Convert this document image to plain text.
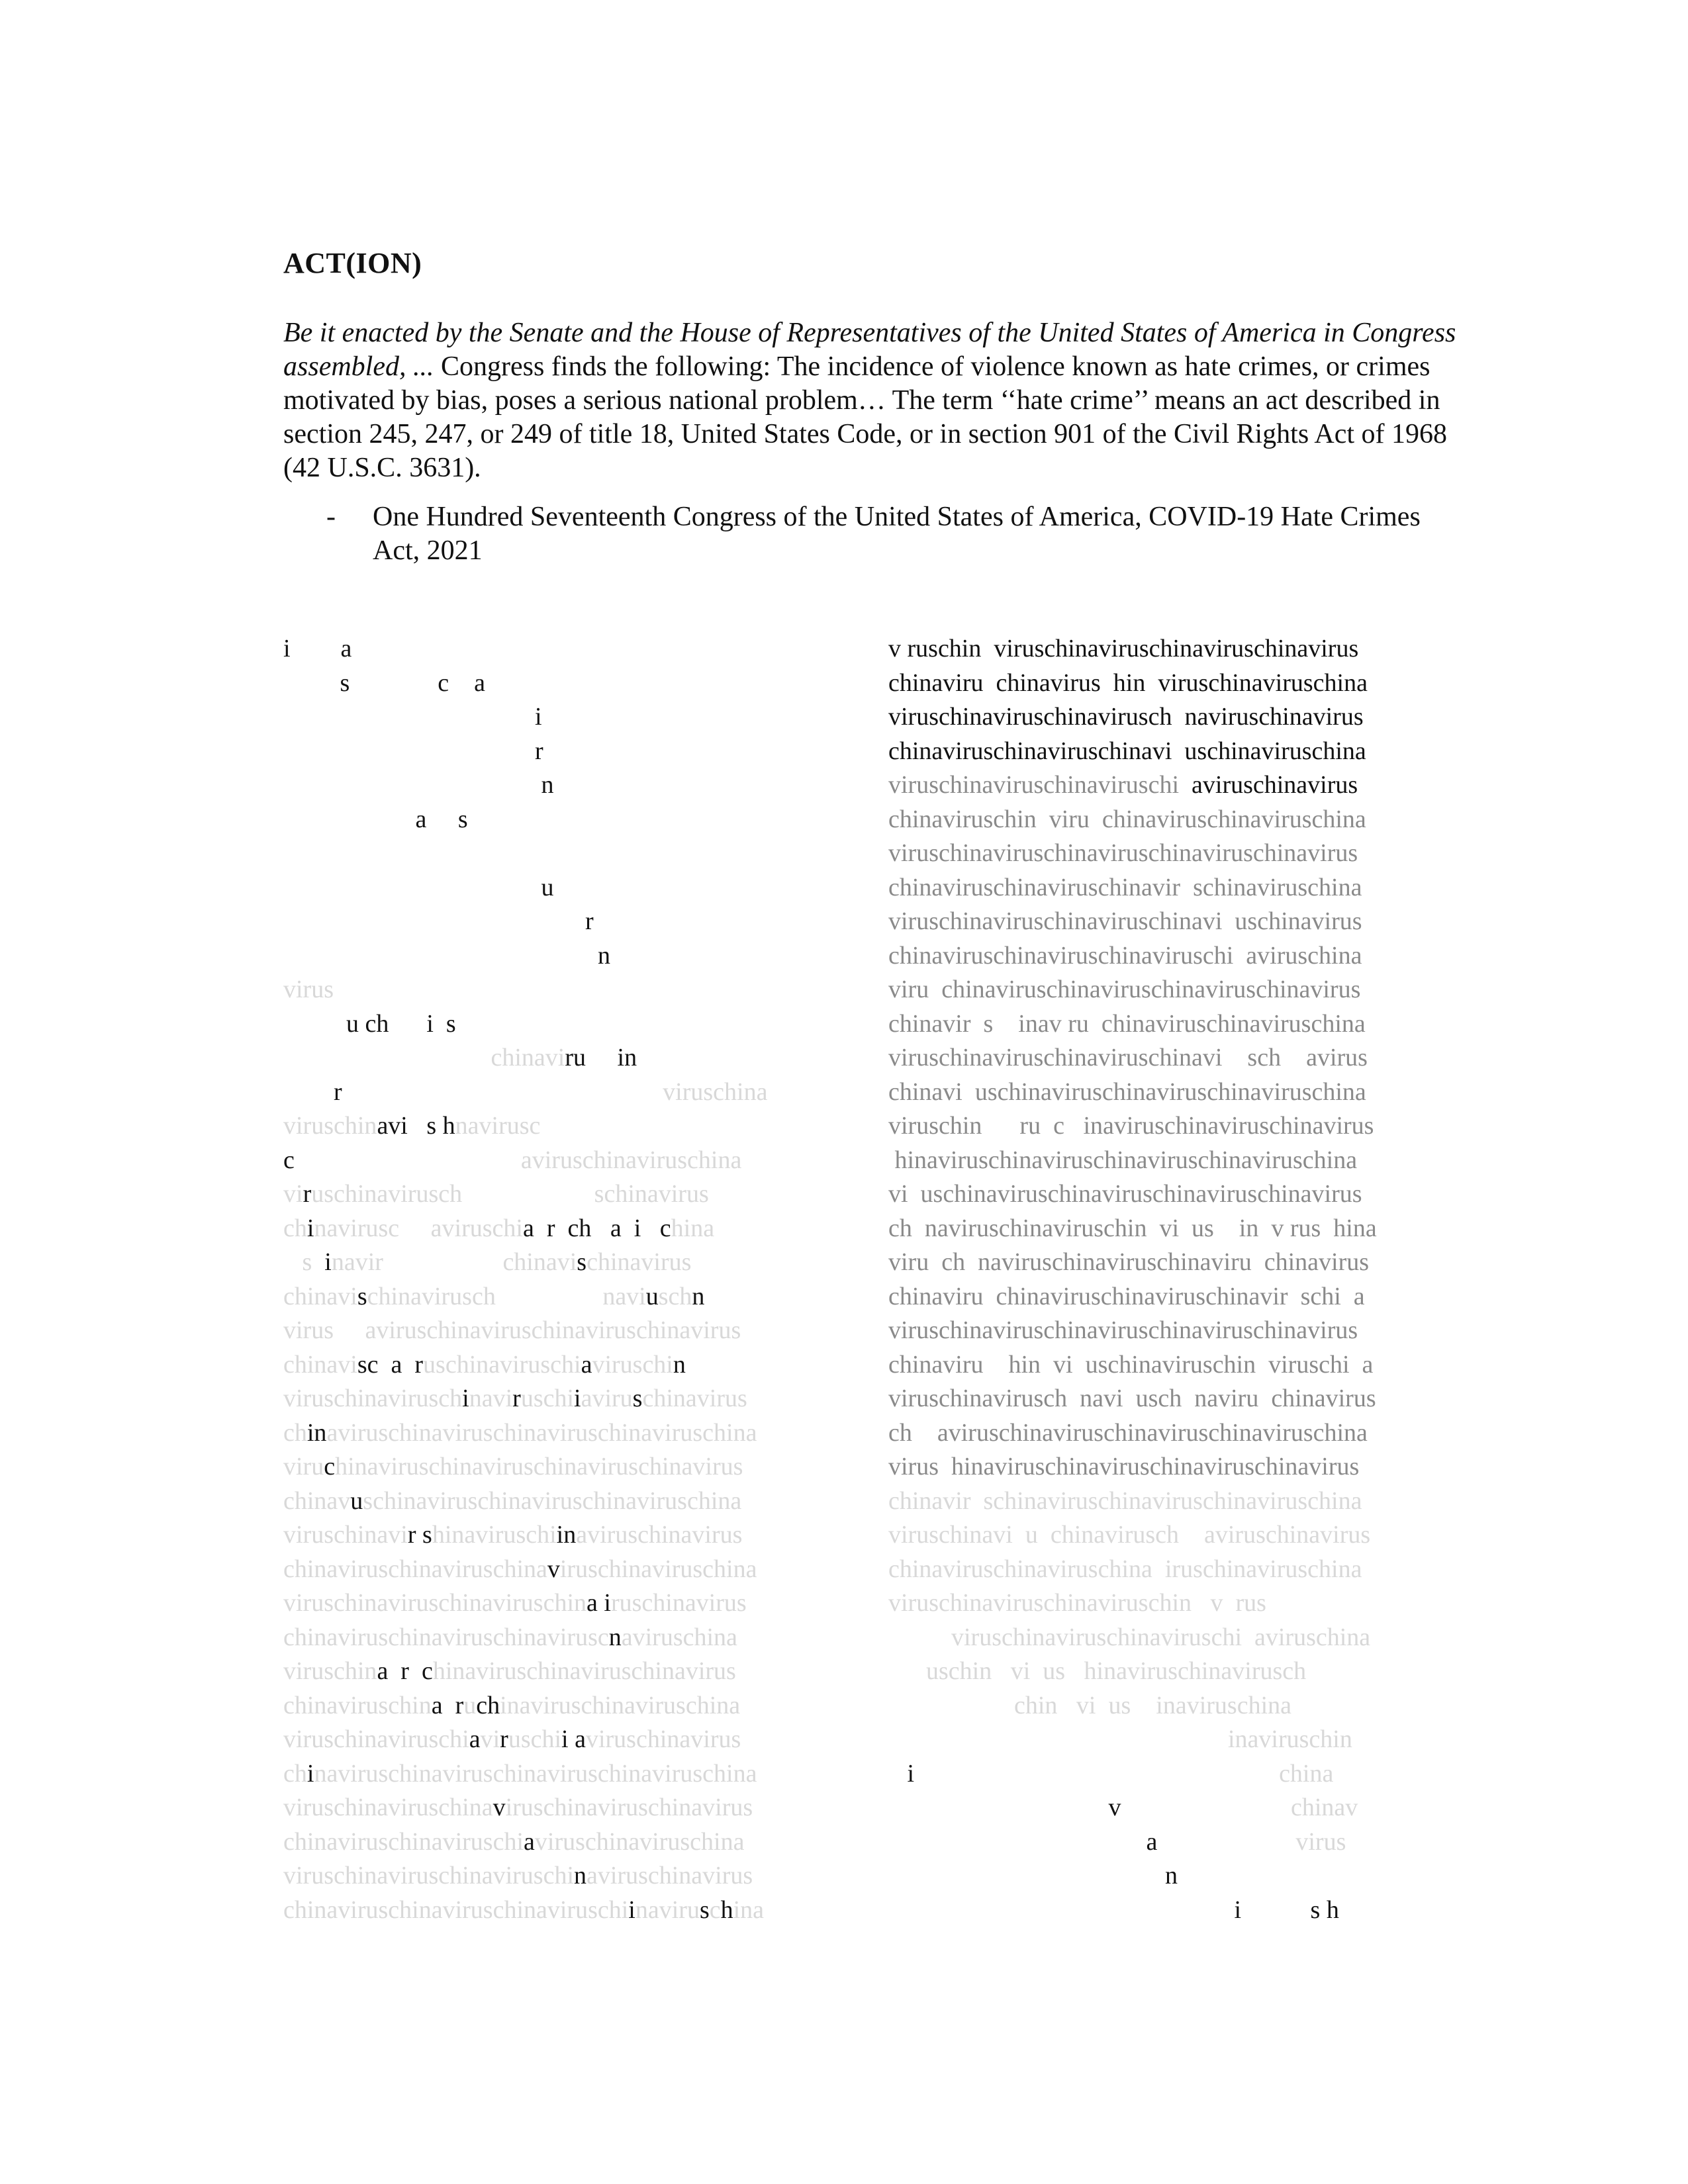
ACT(ION)

Be it enacted by the Senate and the House of Representatives of the United States of America in Congress assembled, ... Congress finds the following: The incidence of violence known as hate crimes, or crimes motivated by bias, poses a serious national problem… The term ‘‘hate crime’’ means an act described in section 245, 247, or 249 of title 18, United States Code, or in section 901 of the Civil Rights Act of 1968 (42 U.S.C. 3631).

- One Hundred Seventeenth Congress of the United States of America, COVID-19 Hate Crimes Act, 2021
i        a
s              c    a
i
r
n
a     s
u
r
n
virus
u ch      i  s
chinaviru     in
r                                                   viruschina
viruschinavi   s hnavirusc
c                                    aviruschinaviruschina
viruschinavirusch                     schinavirus
chinavirusc     aviruschia  r  ch   a  i   china
s  inavir                   chinavischinavirus
chinavischinavirusch                 naviuschn
virus     aviruschinaviruschinaviruschinavirus
chinavisc  a  ruschinaviruschiaviruschin
viruschinaviruschinaviruschiiaviruschinavirus
chinaviruschinaviruschinaviruschinaviruschina
viruchinaviruschinaviruschinaviruschinavirus
chinavuschinaviruschinaviruschinaviruschina
viruschinavir shinaviruschiinaviruschinavirus
chinaviruschinaviruschinaviruschinaviruschina
viruschinaviruschinaviruschina iruschinavirus
chinaviruschinaviruschinaviruscnaviruschina
viruschina  r  chinaviruschinaviruschinavirus
chinaviruschina  ruchinaviruschinaviruschina
viruschinaviruschiaviruschii aviruschinavirus
chinaviruschinaviruschinaviruschinaviruschina
viruschinaviruschinaviruschinaviruschinavirus
chinaviruschinaviruschiaviruschinaviruschina
viruschinaviruschinaviruschinaviruschinavirus
chinaviruschinaviruschinaviruschiinaviruschina
v ruschin  viruschinaviruschinaviruschinavirus
chinaviru  chinavirus  hin  viruschinaviruschina
viruschinaviruschinavirusch  naviruschinavirus
chinaviruschinaviruschinavi  uschinaviruschina
viruschinaviruschinaviruschi  aviruschinavirus
chinaviruschin  viru  chinaviruschinaviruschina
viruschinaviruschinaviruschinaviruschinavirus
chinaviruschinaviruschinavir  schinaviruschina
viruschinaviruschinaviruschinavi  uschinavirus
chinaviruschinaviruschinaviruschi  aviruschina
viru  chinaviruschinaviruschinaviruschinavirus
chinavir  s    inav ru  chinaviruschinaviruschina
viruschinaviruschinaviruschinavi    sch    avirus
chinavi  uschinaviruschinaviruschinaviruschina
viruschin      ru  c   inaviruschinaviruschinavirus
hinaviruschinaviruschinaviruschinaviruschina
vi  uschinaviruschinaviruschinaviruschinavirus
ch  naviruschinaviruschin  vi  us    in  v rus  hina
viru  ch  naviruschinaviruschinaviru  chinavirus
chinaviru  chinaviruschinaviruschinavir  schi  a
viruschinaviruschinaviruschinaviruschinavirus
chinaviru    hin  vi  uschinaviruschin  viruschi  a
viruschinavirusch  navi  usch  naviru  chinavirus
ch    aviruschinaviruschinaviruschinaviruschina
virus  hinaviruschinaviruschinaviruschinavirus
chinavir  schinaviruschinaviruschinaviruschina
viruschinavi  u  chinavirusch    aviruschinavirus
chinaviruschinaviruschina  iruschinaviruschina
viruschinaviruschinaviruschin   v  rus
viruschinaviruschinaviruschi  aviruschina
uschin   vi  us   hinaviruschinavirusch
chin   vi  us    inaviruschina
inaviruschin
i                                                          china
v                           chinav
a                      virus
n
i           s h
